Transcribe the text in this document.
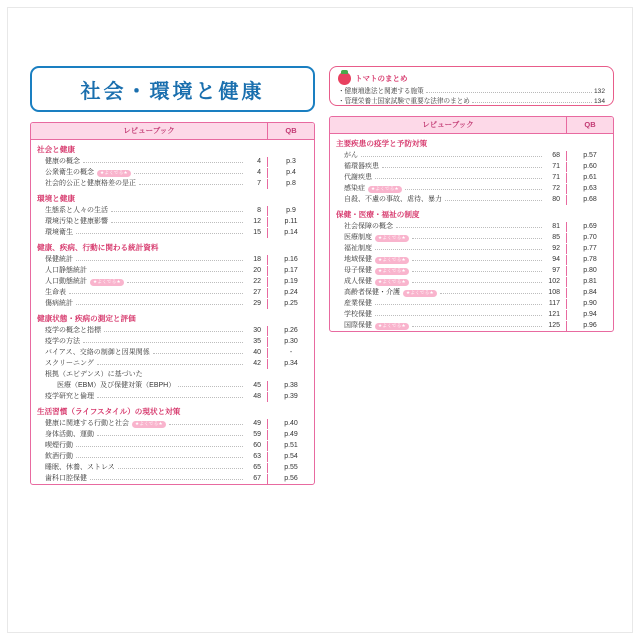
社会・環境と健康
レビューブック	QB
社会と健康
健康の概念	4	p.3
公衆衛生の概念	★よくでる★	4	p.4
社会的公正と健康格差の是正	7	p.8
環境と健康
生態系と人々の生活	8	p.9
環境汚染と健康影響	12	p.11
環境衛生	15	p.14
健康、疾病、行動に関わる統計資料
保健統計	18	p.16
人口静態統計	20	p.17
人口動態統計	★よくでる★	22	p.19
生命表	27	p.24
傷病統計	29	p.25
健康状態・疾病の測定と評価
疫学の概念と指標	30	p.26
疫学の方法	35	p.30
バイアス、交絡の制御と因果関係	40	-
スクリーニング	42	p.34
根拠（エビデンス）に基づいた
医療（EBM）及び保健対策（EBPH）	45	p.38
疫学研究と倫理	48	p.39
生活習慣（ライフスタイル）の現状と対策
健康に関連する行動と社会	★よくでる★	49	p.40
身体活動、運動	59	p.49
喫煙行動	60	p.51
飲酒行動	63	p.54
睡眠、休養、ストレス	65	p.55
歯科口腔保健	67	p.56
トマトのまとめ
・健康増進法と関連する施策	132
・管理栄養士国家試験で重要な法律のまとめ	134
レビューブック	QB
主要疾患の疫学と予防対策
がん	68	p.57
循環器疾患	71	p.60
代謝疾患	71	p.61
感染症	★よくでる★	72	p.63
自殺、不慮の事故、虐待、暴力	80	p.68
保健・医療・福祉の制度
社会保障の概念	81	p.69
医療制度	★よくでる★	85	p.70
福祉制度	92	p.77
地域保健	★よくでる★	94	p.78
母子保健	★よくでる★	97	p.80
成人保健	★よくでる★	102	p.81
高齢者保健・介護	★よくでる★	108	p.84
産業保健	117	p.90
学校保健	121	p.94
国際保健	★よくでる★	125	p.96
